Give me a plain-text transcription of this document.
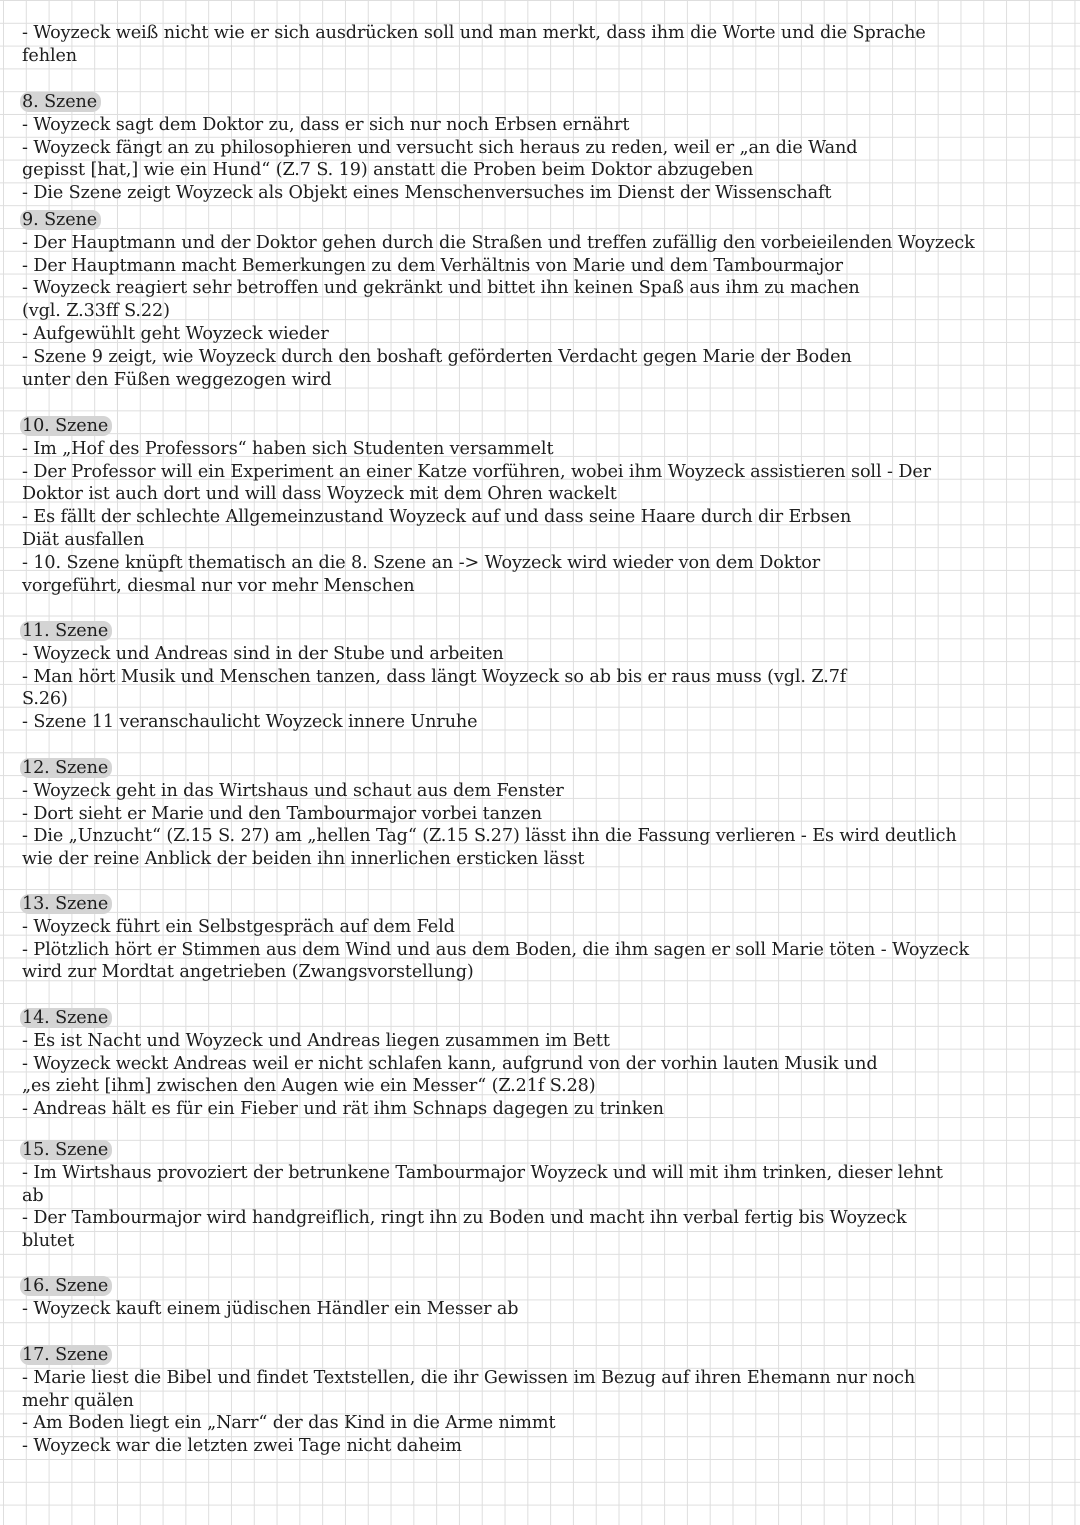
- Woyzeck weiß nicht wie er sich ausdrücken soll und man merkt, dass ihm die Worte und die Sprache
fehlen
8. Szene
- Woyzeck sagt dem Doktor zu, dass er sich nur noch Erbsen ernährt
- Woyzeck fängt an zu philosophieren und versucht sich heraus zu reden, weil er „an die Wand
gepisst [hat,] wie ein Hund“ (Z.7 S. 19) anstatt die Proben beim Doktor abzugeben
- Die Szene zeigt Woyzeck als Objekt eines Menschenversuches im Dienst der Wissenschaft
9. Szene
- Der Hauptmann und der Doktor gehen durch die Straßen und treffen zufällig den vorbeieilenden Woyzeck
- Der Hauptmann macht Bemerkungen zu dem Verhältnis von Marie und dem Tambourmajor
- Woyzeck reagiert sehr betroffen und gekränkt und bittet ihn keinen Spaß aus ihm zu machen
(vgl. Z.33ff S.22)
- Aufgewühlt geht Woyzeck wieder
- Szene 9 zeigt, wie Woyzeck durch den boshaft geförderten Verdacht gegen Marie der Boden
unter den Füßen weggezogen wird
10. Szene
- Im „Hof des Professors“ haben sich Studenten versammelt
- Der Professor will ein Experiment an einer Katze vorführen, wobei ihm Woyzeck assistieren soll - Der
Doktor ist auch dort und will dass Woyzeck mit dem Ohren wackelt
- Es fällt der schlechte Allgemeinzustand Woyzeck auf und dass seine Haare durch dir Erbsen
Diät ausfallen
- 10. Szene knüpft thematisch an die 8. Szene an -> Woyzeck wird wieder von dem Doktor
vorgeführt, diesmal nur vor mehr Menschen
11. Szene
- Woyzeck und Andreas sind in der Stube und arbeiten
- Man hört Musik und Menschen tanzen, dass längt Woyzeck so ab bis er raus muss (vgl. Z.7f
S.26)
- Szene 11 veranschaulicht Woyzeck innere Unruhe
12. Szene
- Woyzeck geht in das Wirtshaus und schaut aus dem Fenster
- Dort sieht er Marie und den Tambourmajor vorbei tanzen
- Die „Unzucht“ (Z.15 S. 27) am „hellen Tag“ (Z.15 S.27) lässt ihn die Fassung verlieren - Es wird deutlich
wie der reine Anblick der beiden ihn innerlichen ersticken lässt
13. Szene
- Woyzeck führt ein Selbstgespräch auf dem Feld
- Plötzlich hört er Stimmen aus dem Wind und aus dem Boden, die ihm sagen er soll Marie töten - Woyzeck
wird zur Mordtat angetrieben (Zwangsvorstellung)
14. Szene
- Es ist Nacht und Woyzeck und Andreas liegen zusammen im Bett
- Woyzeck weckt Andreas weil er nicht schlafen kann, aufgrund von der vorhin lauten Musik und
„es zieht [ihm] zwischen den Augen wie ein Messer“ (Z.21f S.28)
- Andreas hält es für ein Fieber und rät ihm Schnaps dagegen zu trinken
15. Szene
- Im Wirtshaus provoziert der betrunkene Tambourmajor Woyzeck und will mit ihm trinken, dieser lehnt
ab
- Der Tambourmajor wird handgreiflich, ringt ihn zu Boden und macht ihn verbal fertig bis Woyzeck
blutet
16. Szene
- Woyzeck kauft einem jüdischen Händler ein Messer ab
17. Szene
- Marie liest die Bibel und findet Textstellen, die ihr Gewissen im Bezug auf ihren Ehemann nur noch
mehr quälen
- Am Boden liegt ein „Narr“ der das Kind in die Arme nimmt
- Woyzeck war die letzten zwei Tage nicht daheim
